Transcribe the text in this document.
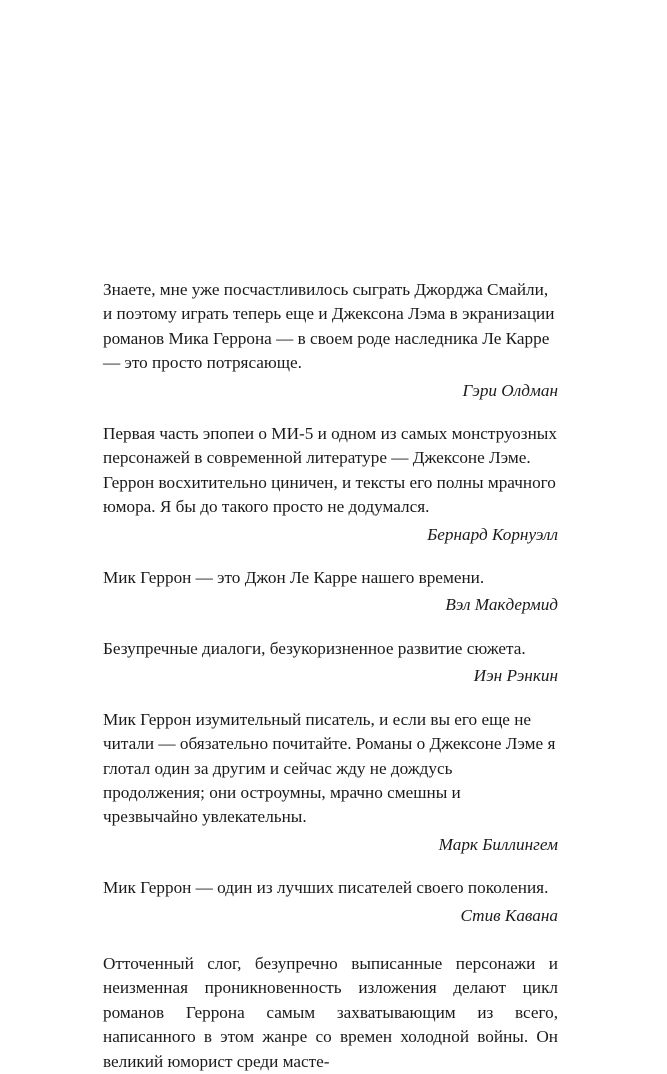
Знаете, мне уже посчастливилось сыграть Джорджа Смайли, и поэтому играть теперь еще и Джексона Лэма в экранизации романов Мика Геррона — в своем роде наследника Ле Карре — это просто потрясающе.

Гэри Олдман

Первая часть эпопеи о МИ-5 и одном из самых монструозных персонажей в современной литературе — Джексоне Лэме. Геррон восхитительно циничен, и тексты его полны мрачного юмора. Я бы до такого просто не додумался.

Бернард Корнуэлл

Мик Геррон — это Джон Ле Карре нашего времени.

Вэл Макдермид

Безупречные диалоги, безукоризненное развитие сюжета.

Иэн Рэнкин

Мик Геррон изумительный писатель, и если вы его еще не читали — обязательно почитайте. Романы о Джексоне Лэме я глотал один за другим и сейчас жду не дождусь продолжения; они остроумны, мрачно смешны и чрезвычайно увлекательны.

Марк Биллингем

Мик Геррон — один из лучших писателей своего поколения.

Стив Кавана

Отточенный слог, безупречно выписанные персонажи и неизменная проникновенность изложения делают цикл романов Геррона самым захватывающим из всего, написанного в этом жанре со времен холодной войны. Он великий юморист среди масте-
